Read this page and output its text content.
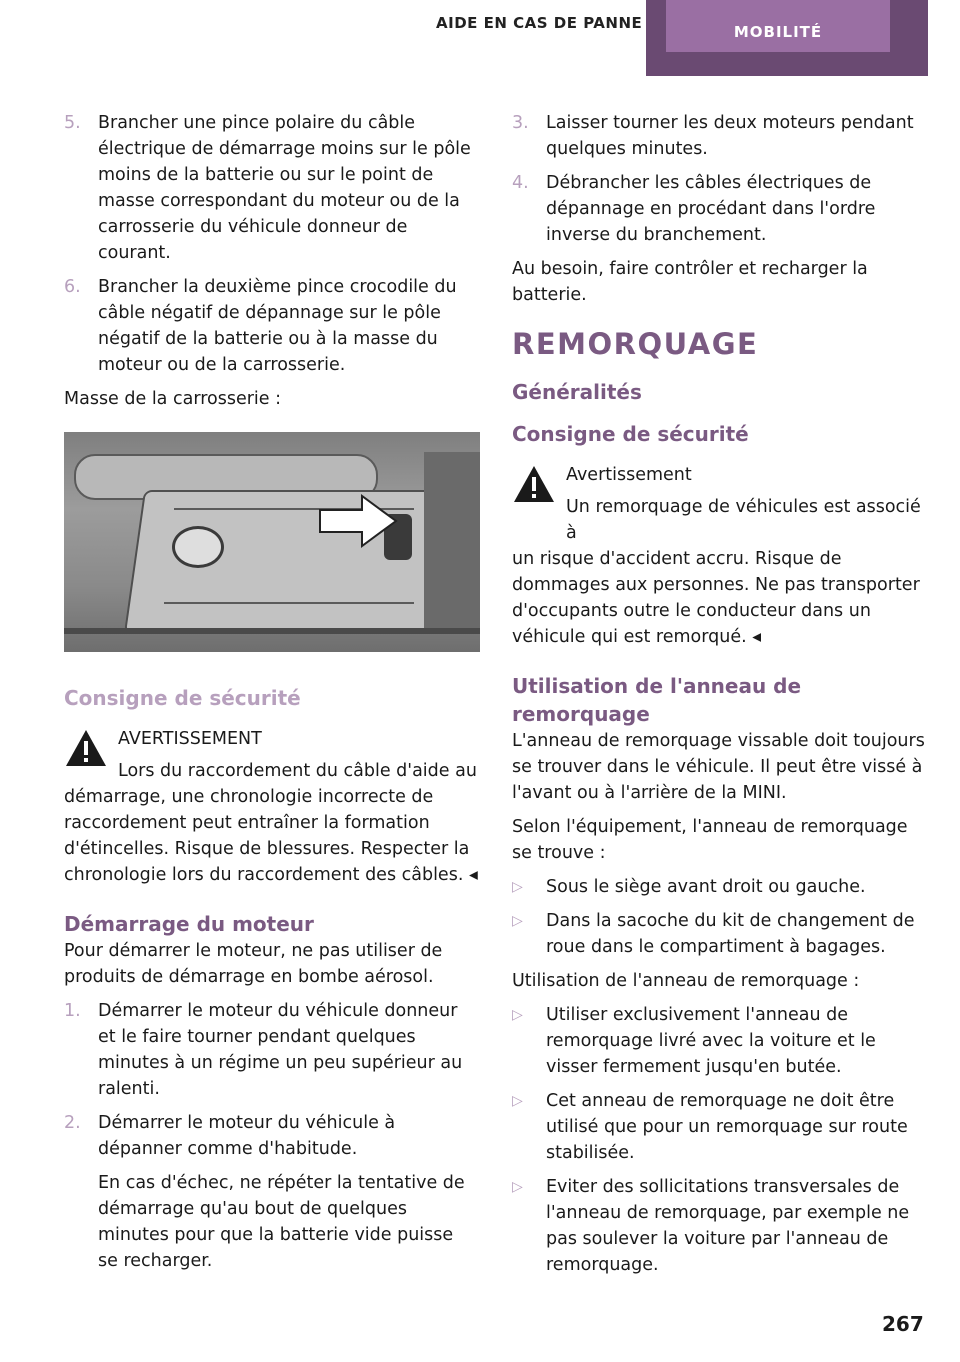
AIDE EN CAS DE PANNE	MOBILITÉ
5. Brancher une pince polaire du câble électrique de démarrage moins sur le pôle moins de la batterie ou sur le point de masse correspondant du moteur ou de la carrosserie du véhicule donneur de courant.
6. Brancher la deuxième pince crocodile du câble négatif de dépannage sur le pôle négatif de la batterie ou à la masse du moteur ou de la carrosserie.

Masse de la carrosserie :

Consigne de sécurité
AVERTISSEMENT
Lors du raccordement du câble d'aide au
démarrage, une chronologie incorrecte de raccordement peut entraîner la formation d'étincelles. Risque de blessures. Respecter la chronologie lors du raccordement des câbles. ◂
Démarrage du moteur

Pour démarrer le moteur, ne pas utiliser de produits de démarrage en bombe aérosol.

1. Démarrer le moteur du véhicule donneur et le faire tourner pendant quelques minutes à un régime un peu supérieur au ralenti.
2. Démarrer le moteur du véhicule à dépanner comme d'habitude.
En cas d'échec, ne répéter la tentative de démarrage qu'au bout de quelques minutes pour que la batterie vide puisse se recharger.
3. Laisser tourner les deux moteurs pendant quelques minutes.
4. Débrancher les câbles électriques de dépannage en procédant dans l'ordre inverse du branchement.

Au besoin, faire contrôler et recharger la batterie.

REMORQUAGE
Généralités
Consigne de sécurité
Avertissement
Un remorquage de véhicules est associé à
un risque d'accident accru. Risque de dommages aux personnes. Ne pas transporter d'occupants outre le conducteur dans un véhicule qui est remorqué. ◂
Utilisation de l'anneau de remorquage

L'anneau de remorquage vissable doit toujours se trouver dans le véhicule. Il peut être vissé à l'avant ou à l'arrière de la MINI.

Selon l'équipement, l'anneau de remorquage se trouve :

▷	Sous le siège avant droit ou gauche.
▷	Dans la sacoche du kit de changement de roue dans le compartiment à bagages.

Utilisation de l'anneau de remorquage :

▷	Utiliser exclusivement l'anneau de remorquage livré avec la voiture et le visser fermement jusqu'en butée.
▷	Cet anneau de remorquage ne doit être utilisé que pour un remorquage sur route stabilisée.
▷	Eviter des sollicitations transversales de l'anneau de remorquage, par exemple ne pas soulever la voiture par l'anneau de remorquage.
267
Online Edition for Part no. 01 40 2 971 088 - II/16
